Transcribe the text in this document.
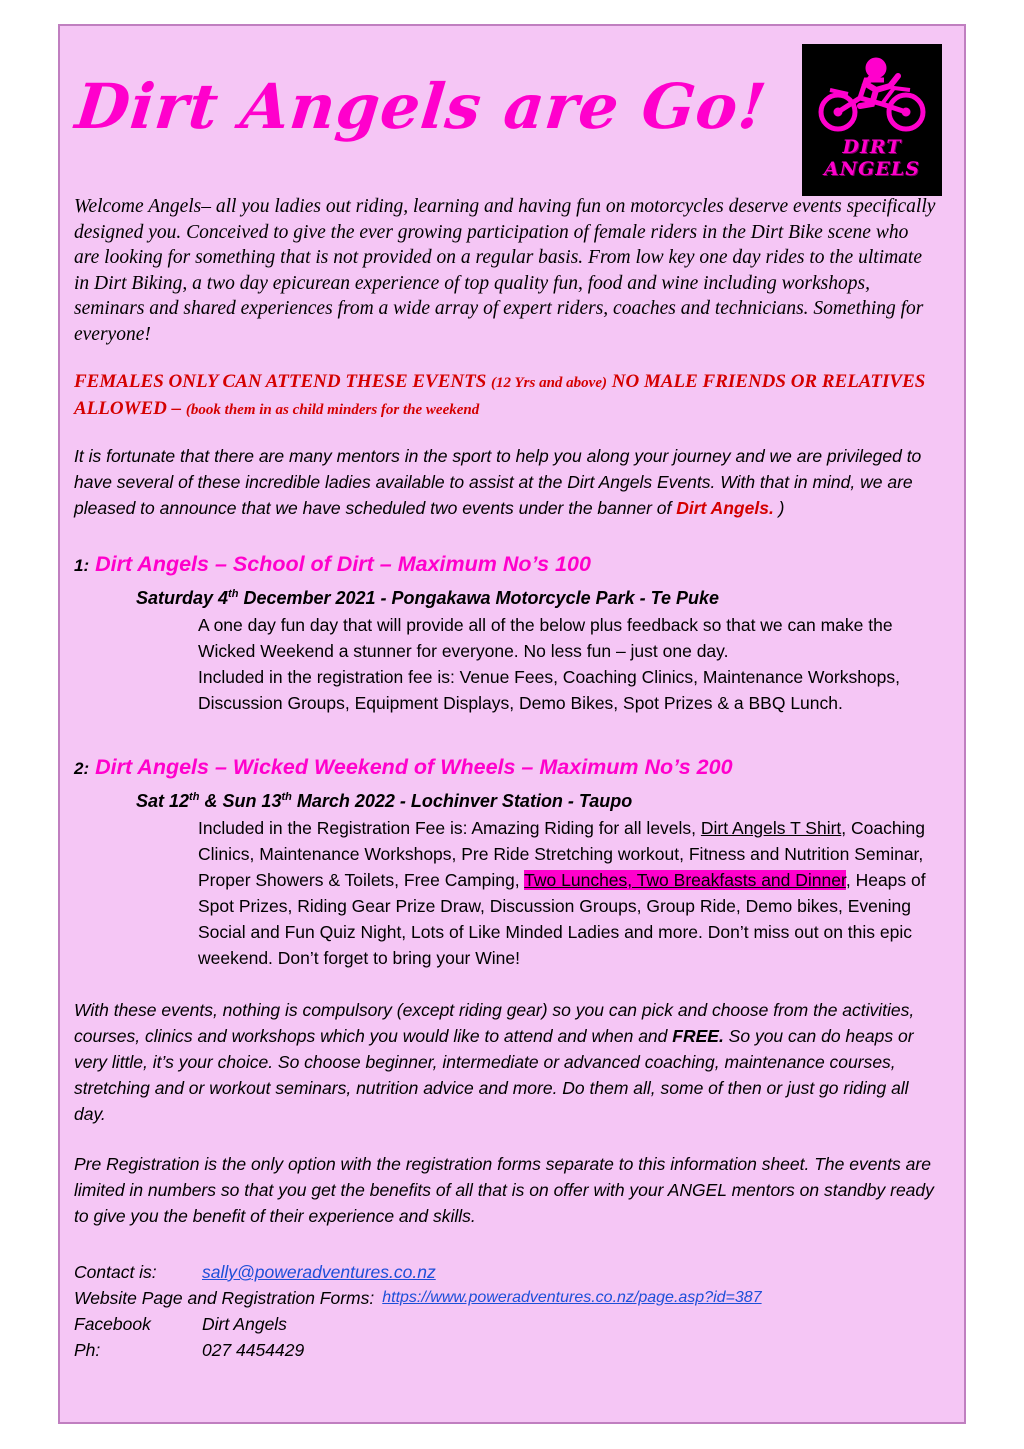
Dirt Angels are Go!
DIRT
ANGELS

Welcome Angels– all you ladies out riding, learning and having fun on motorcycles deserve events specifically designed you. Conceived to give the ever growing participation of female riders in the Dirt Bike scene who are looking for something that is not provided on a regular basis. From low key one day rides to the ultimate in Dirt Biking, a two day epicurean experience of top quality fun, food and wine including workshops, seminars and shared experiences from a wide array of expert riders, coaches and technicians. Something for everyone!

FEMALES ONLY CAN ATTEND THESE EVENTS (12 Yrs and above) NO MALE FRIENDS OR RELATIVES ALLOWED – (book them in as child minders for the weekend

It is fortunate that there are many mentors in the sport to help you along your journey and we are privileged to have several of these incredible ladies available to assist at the Dirt Angels Events. With that in mind, we are pleased to announce that we have scheduled two events under the banner of Dirt Angels. )

1: Dirt Angels – School of Dirt – Maximum No’s 100

Saturday 4th December 2021 - Pongakawa Motorcycle Park - Te Puke

A one day fun day that will provide all of the below plus feedback so that we can make the Wicked Weekend a stunner for everyone. No less fun – just one day.

Included in the registration fee is: Venue Fees, Coaching Clinics, Maintenance Workshops, Discussion Groups, Equipment Displays, Demo Bikes, Spot Prizes & a BBQ Lunch.

2: Dirt Angels – Wicked Weekend of Wheels – Maximum No’s 200

Sat 12th & Sun 13th March 2022 - Lochinver Station - Taupo

Included in the Registration Fee is: Amazing Riding for all levels, Dirt Angels T Shirt, Coaching Clinics, Maintenance Workshops, Pre Ride Stretching workout, Fitness and Nutrition Seminar, Proper Showers & Toilets, Free Camping, Two Lunches, Two Breakfasts and Dinner, Heaps of Spot Prizes, Riding Gear Prize Draw, Discussion Groups, Group Ride, Demo bikes, Evening Social and Fun Quiz Night, Lots of Like Minded Ladies and more. Don’t miss out on this epic weekend. Don’t forget to bring your Wine!

With these events, nothing is compulsory (except riding gear) so you can pick and choose from the activities, courses, clinics and workshops which you would like to attend and when and FREE. So you can do heaps or very little, it’s your choice. So choose beginner, intermediate or advanced coaching, maintenance courses, stretching and or workout seminars, nutrition advice and more. Do them all, some of then or just go riding all day.

Pre Registration is the only option with the registration forms separate to this information sheet. The events are limited in numbers so that you get the benefits of all that is on offer with your ANGEL mentors on standby ready to give you the benefit of their experience and skills.

Contact is:	sally@poweradventures.co.nz
Website Page and Registration Forms: https://www.poweradventures.co.nz/page.asp?id=387
Facebook	Dirt Angels
Ph:	027 4454429
